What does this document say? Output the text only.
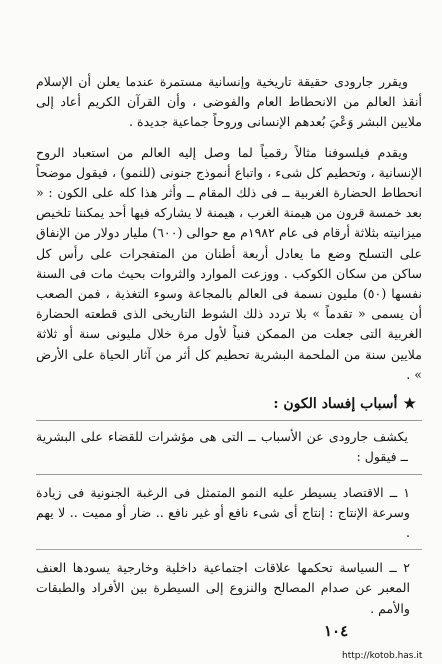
ويقرر جارودى حقيقة تاريخية وإنسانية مستمرة عندما يعلن أن الإسلام أنقذ العالم من الانحطاط العام والفوضى ، وأن القرآن الكريم أعاد إلى ملايين البشر وَعْيَ بُعدهم الإنسانى وروحاً جماعية جديدة .

ويقدم فيلسوفنا مثالاً رقمياً لما وصل إليه العالم من استعباد الروح الإنسانية ، وتحطيم كل شىء ، واتباع أنموذج جنونى (للنمو) ، فيقول موضحاً انحطاط الحضارة الغربية ــ فى ذلك المقام ــ وأثر هذا كله على الكون : « بعد خمسة قرون من هيمنة الغرب ، هيمنة لا يشاركه فيها أحد يمكننا تلخيص ميزانيته بثلاثة أرقام فى عام ١٩٨٢م مع حوالى (٦٠٠) مليار دولار من الإنفاق على التسلح وضع ما يعادل أربعة أطنان من المتفجرات على رأس كل ساكن من سكان الكوكب . ووزعت الموارد والثروات بحيث مات فى السنة نفسها (٥٠) مليون نسمة فى العالم بالمجاعة وسوء التغذية ، فمن الصعب أن يسمى « تقدماً » بلا تردد ذلك الشوط التاريخى الذى قطعته الحضارة الغربية التى جعلت من الممكن فنياً لأول مرة خلال مليونى سنة أو ثلاثة ملايين سنة من الملحمة البشرية تحطيم كل أثر من آثار الحياة على الأرض » .

★أسباب إفساد الكون :

يكشف جارودى عن الأسباب ــ التى هى مؤشرات للقضاء على البشرية ــ فيقول :

١ ــ الاقتصاد يسيطر عليه النمو المتمثل فى الرغبة الجنونية فى زيادة وسرعة الإنتاج : إنتاج أى شىء نافع أو غير نافع .. ضار أو مميت .. لا يهم .

٢ ــ السياسة تحكمها علاقات اجتماعية داخلية وخارجية يسودها العنف المعبر عن صدام المصالح والنزوع إلى السيطرة بين الأفراد والطبقات والأمم .

١٠٤
http://kotob.has.it
